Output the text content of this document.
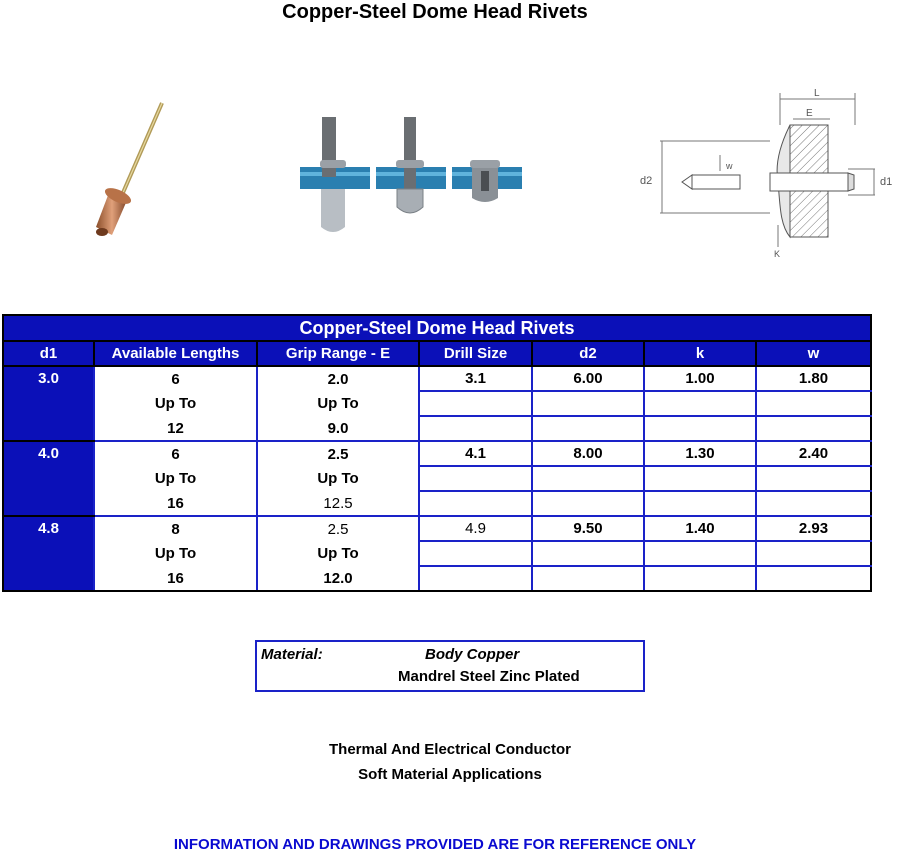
Copper-Steel Dome Head Rivets
L
E
d2	d1
w
K
Copper-Steel Dome Head Rivets						
d1	Available Lengths	Grip Range - E	Drill Size	d2	k	w
3.0	6	2.0	3.1	6.00	1.00	1.80
	Up To	Up To				
	12	9.0				
4.0	6	2.5	4.1	8.00	1.30	2.40
	Up To	Up To				
	16	12.5				
4.8	8	2.5	4.9	9.50	1.40	2.93
	Up To	Up To				
	16	12.0				
Material:	Body Copper
Mandrel Steel Zinc Plated
Thermal And Electrical Conductor
Soft Material Applications
INFORMATION AND DRAWINGS PROVIDED ARE FOR REFERENCE ONLY
